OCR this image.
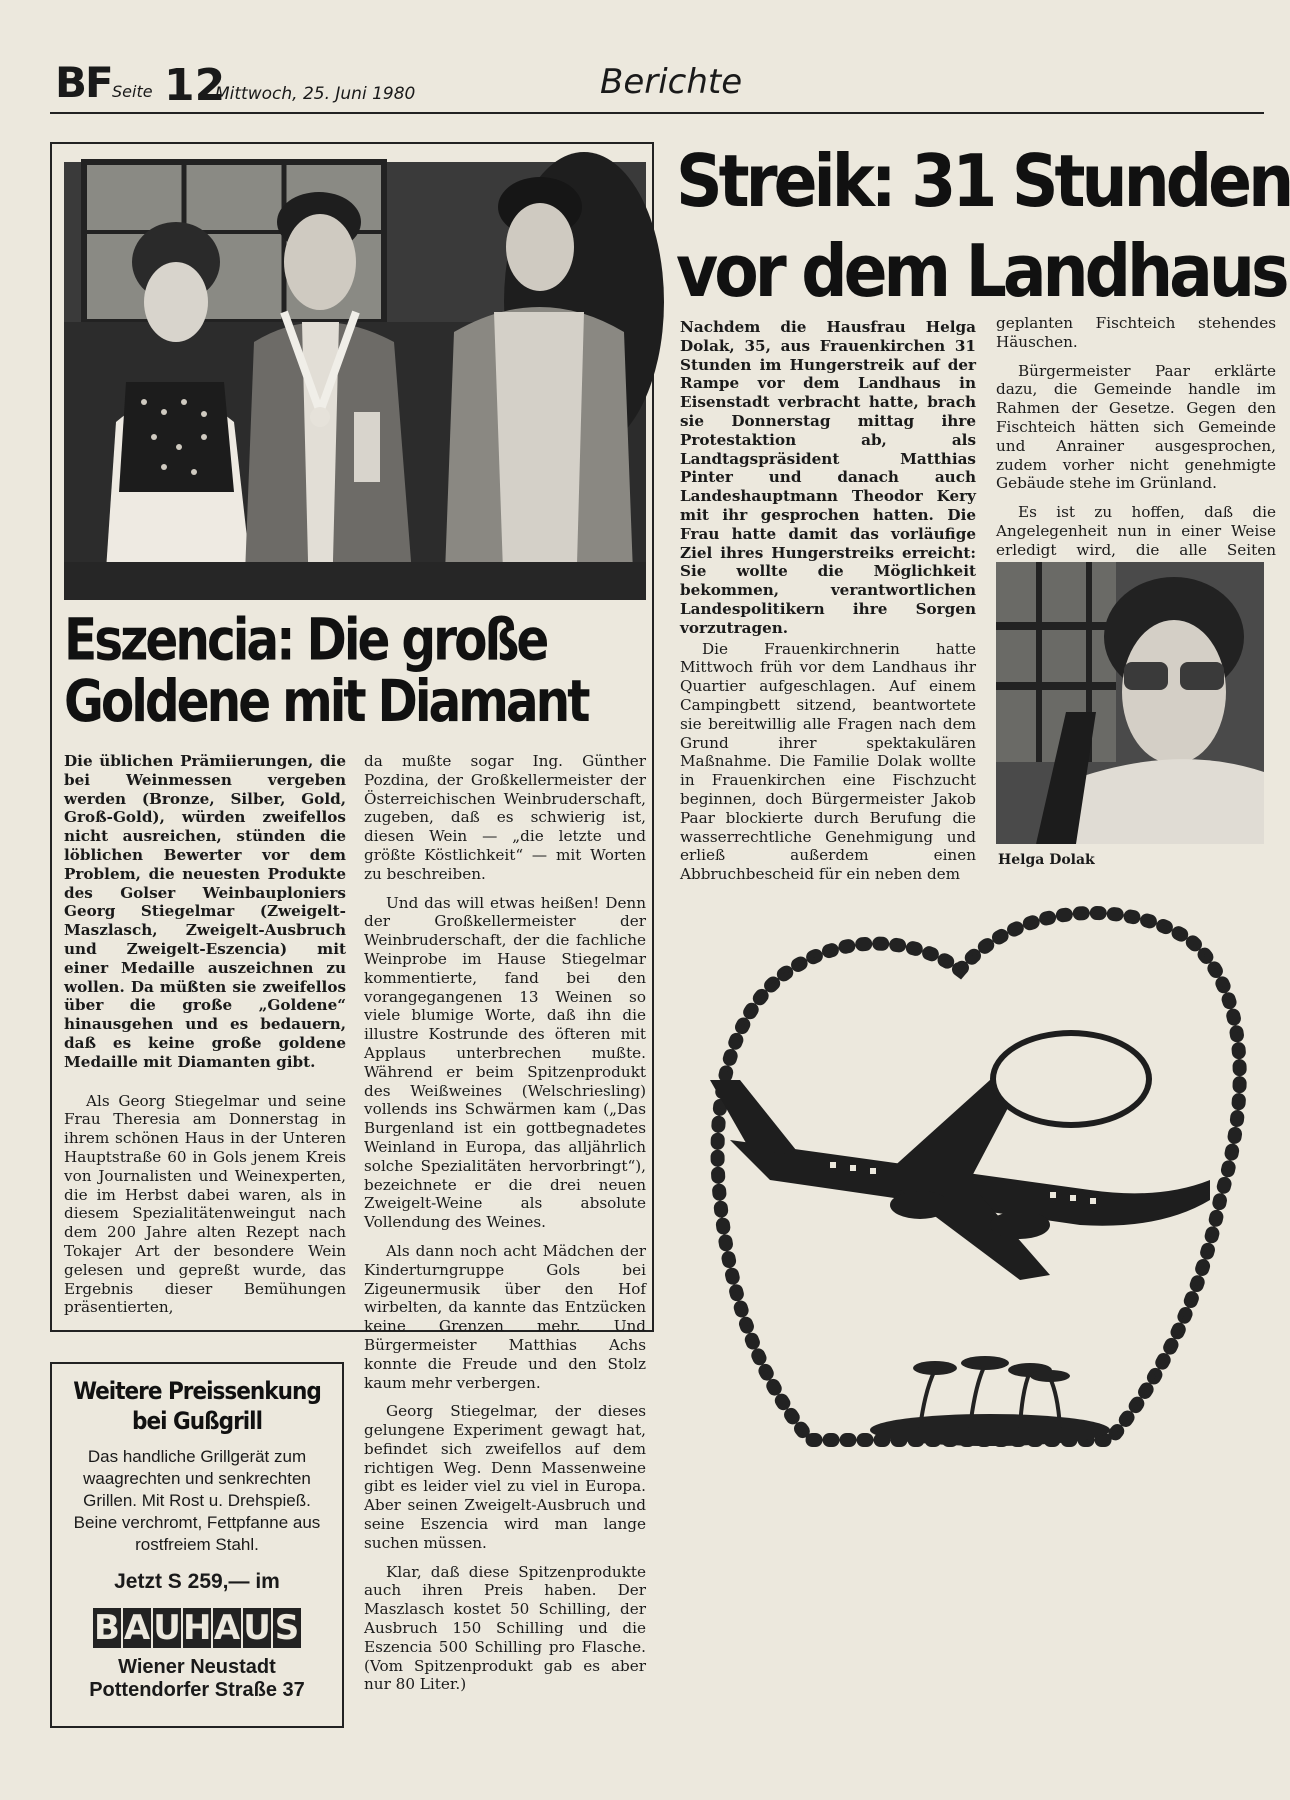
BF Seite 12
Mittwoch, 25. Juni 1980	Berichte
Eszencia: Die große
Goldene mit Diamant

Die üblichen Prämiierungen, die bei Weinmessen vergeben werden (Bronze, Silber, Gold, Groß-Gold), würden zweifellos nicht ausreichen, stünden die löblichen Bewerter vor dem Problem, die neuesten Produkte des Golser Weinbauploniers Georg Stiegelmar (Zweigelt-Maszlasch, Zweigelt-Ausbruch und Zweigelt-Eszencia) mit einer Medaille auszeichnen zu wollen. Da müßten sie zweifellos über die große „Goldene“ hinausgehen und es bedauern, daß es keine große goldene Medaille mit Diamanten gibt.

Als Georg Stiegelmar und seine Frau Theresia am Donnerstag in ihrem schönen Haus in der Unteren Hauptstraße 60 in Gols jenem Kreis von Journalisten und Weinexperten, die im Herbst dabei waren, als in diesem Spezialitätenweingut nach dem 200 Jahre alten Rezept nach Tokajer Art der besondere Wein gelesen und gepreßt wurde, das Ergebnis dieser Bemühungen präsentierten,

da mußte sogar Ing. Günther Pozdina, der Großkellermeister der Österreichischen Weinbruderschaft, zugeben, daß es schwierig ist, diesen Wein — „die letzte und größte Köstlichkeit“ — mit Worten zu beschreiben.

Und das will etwas heißen! Denn der Großkellermeister der Weinbruderschaft, der die fachliche Weinprobe im Hause Stiegelmar kommentierte, fand bei den vorangegangenen 13 Weinen so viele blumige Worte, daß ihn die illustre Kostrunde des öfteren mit Applaus unterbrechen mußte. Während er beim Spitzenprodukt des Weißweines (Welschriesling) vollends ins Schwärmen kam („Das Burgenland ist ein gottbegnadetes Weinland in Europa, das alljährlich solche Spezialitäten hervorbringt“), bezeichnete er die drei neuen Zweigelt-Weine als absolute Vollendung des Weines.

Als dann noch acht Mädchen der Kinderturngruppe Gols bei Zigeunermusik über den Hof wirbelten, da kannte das Entzücken keine Grenzen mehr. Und Bürgermeister Matthias Achs konnte die Freude und den Stolz kaum mehr verbergen.

Georg Stiegelmar, der dieses gelungene Experiment gewagt hat, befindet sich zweifellos auf dem richtigen Weg. Denn Massenweine gibt es leider viel zu viel in Europa. Aber seinen Zweigelt-Ausbruch und seine Eszencia wird man lange suchen müssen.

Klar, daß diese Spitzenprodukte auch ihren Preis haben. Der Maszlasch kostet 50 Schilling, der Ausbruch 150 Schilling und die Eszencia 500 Schilling pro Flasche. (Vom Spitzenprodukt gab es aber nur 80 Liter.)

Weitere Preissenkung
bei Gußgrill
Das handliche Grillgerät zum waagrechten und senkrechten Grillen. Mit Rost u. Drehspieß. Beine verchromt, Fettpfanne aus rostfreiem Stahl.
Jetzt S 259,— im
B AUHAU S
Wiener Neustadt
Pottendorfer Straße 37
Streik: 31 Stunden
vor dem Landhaus

Nachdem die Hausfrau Helga Dolak, 35, aus Frauenkirchen 31 Stunden im Hungerstreik auf der Rampe vor dem Landhaus in Eisenstadt verbracht hatte, brach sie Donnerstag mittag ihre Protestaktion ab, als Landtagspräsident Matthias Pinter und danach auch Landeshauptmann Theodor Kery mit ihr gesprochen hatten. Die Frau hatte damit das vorläufige Ziel ihres Hungerstreiks erreicht: Sie wollte die Möglichkeit bekommen, verantwortlichen Landespolitikern ihre Sorgen vorzutragen.

Die Frauenkirchnerin hatte Mittwoch früh vor dem Landhaus ihr Quartier aufgeschlagen. Auf einem Campingbett sitzend, beantwortete sie bereitwillig alle Fragen nach dem Grund ihrer spektakulären Maßnahme. Die Familie Dolak wollte in Frauenkirchen eine Fischzucht beginnen, doch Bürgermeister Jakob Paar blockierte durch Berufung die wasserrechtliche Genehmigung und erließ außerdem einen Abbruchbescheid für ein neben dem

geplanten Fischteich stehendes Häuschen.

Bürgermeister Paar erklärte dazu, die Gemeinde handle im Rahmen der Gesetze. Gegen den Fischteich hätten sich Gemeinde und Anrainer ausgesprochen, zudem vorher nicht genehmigte Gebäude stehe im Grünland.

Es ist zu hoffen, daß die Angelegenheit nun in einer Weise erledigt wird, die alle Seiten

Helga Dolak
